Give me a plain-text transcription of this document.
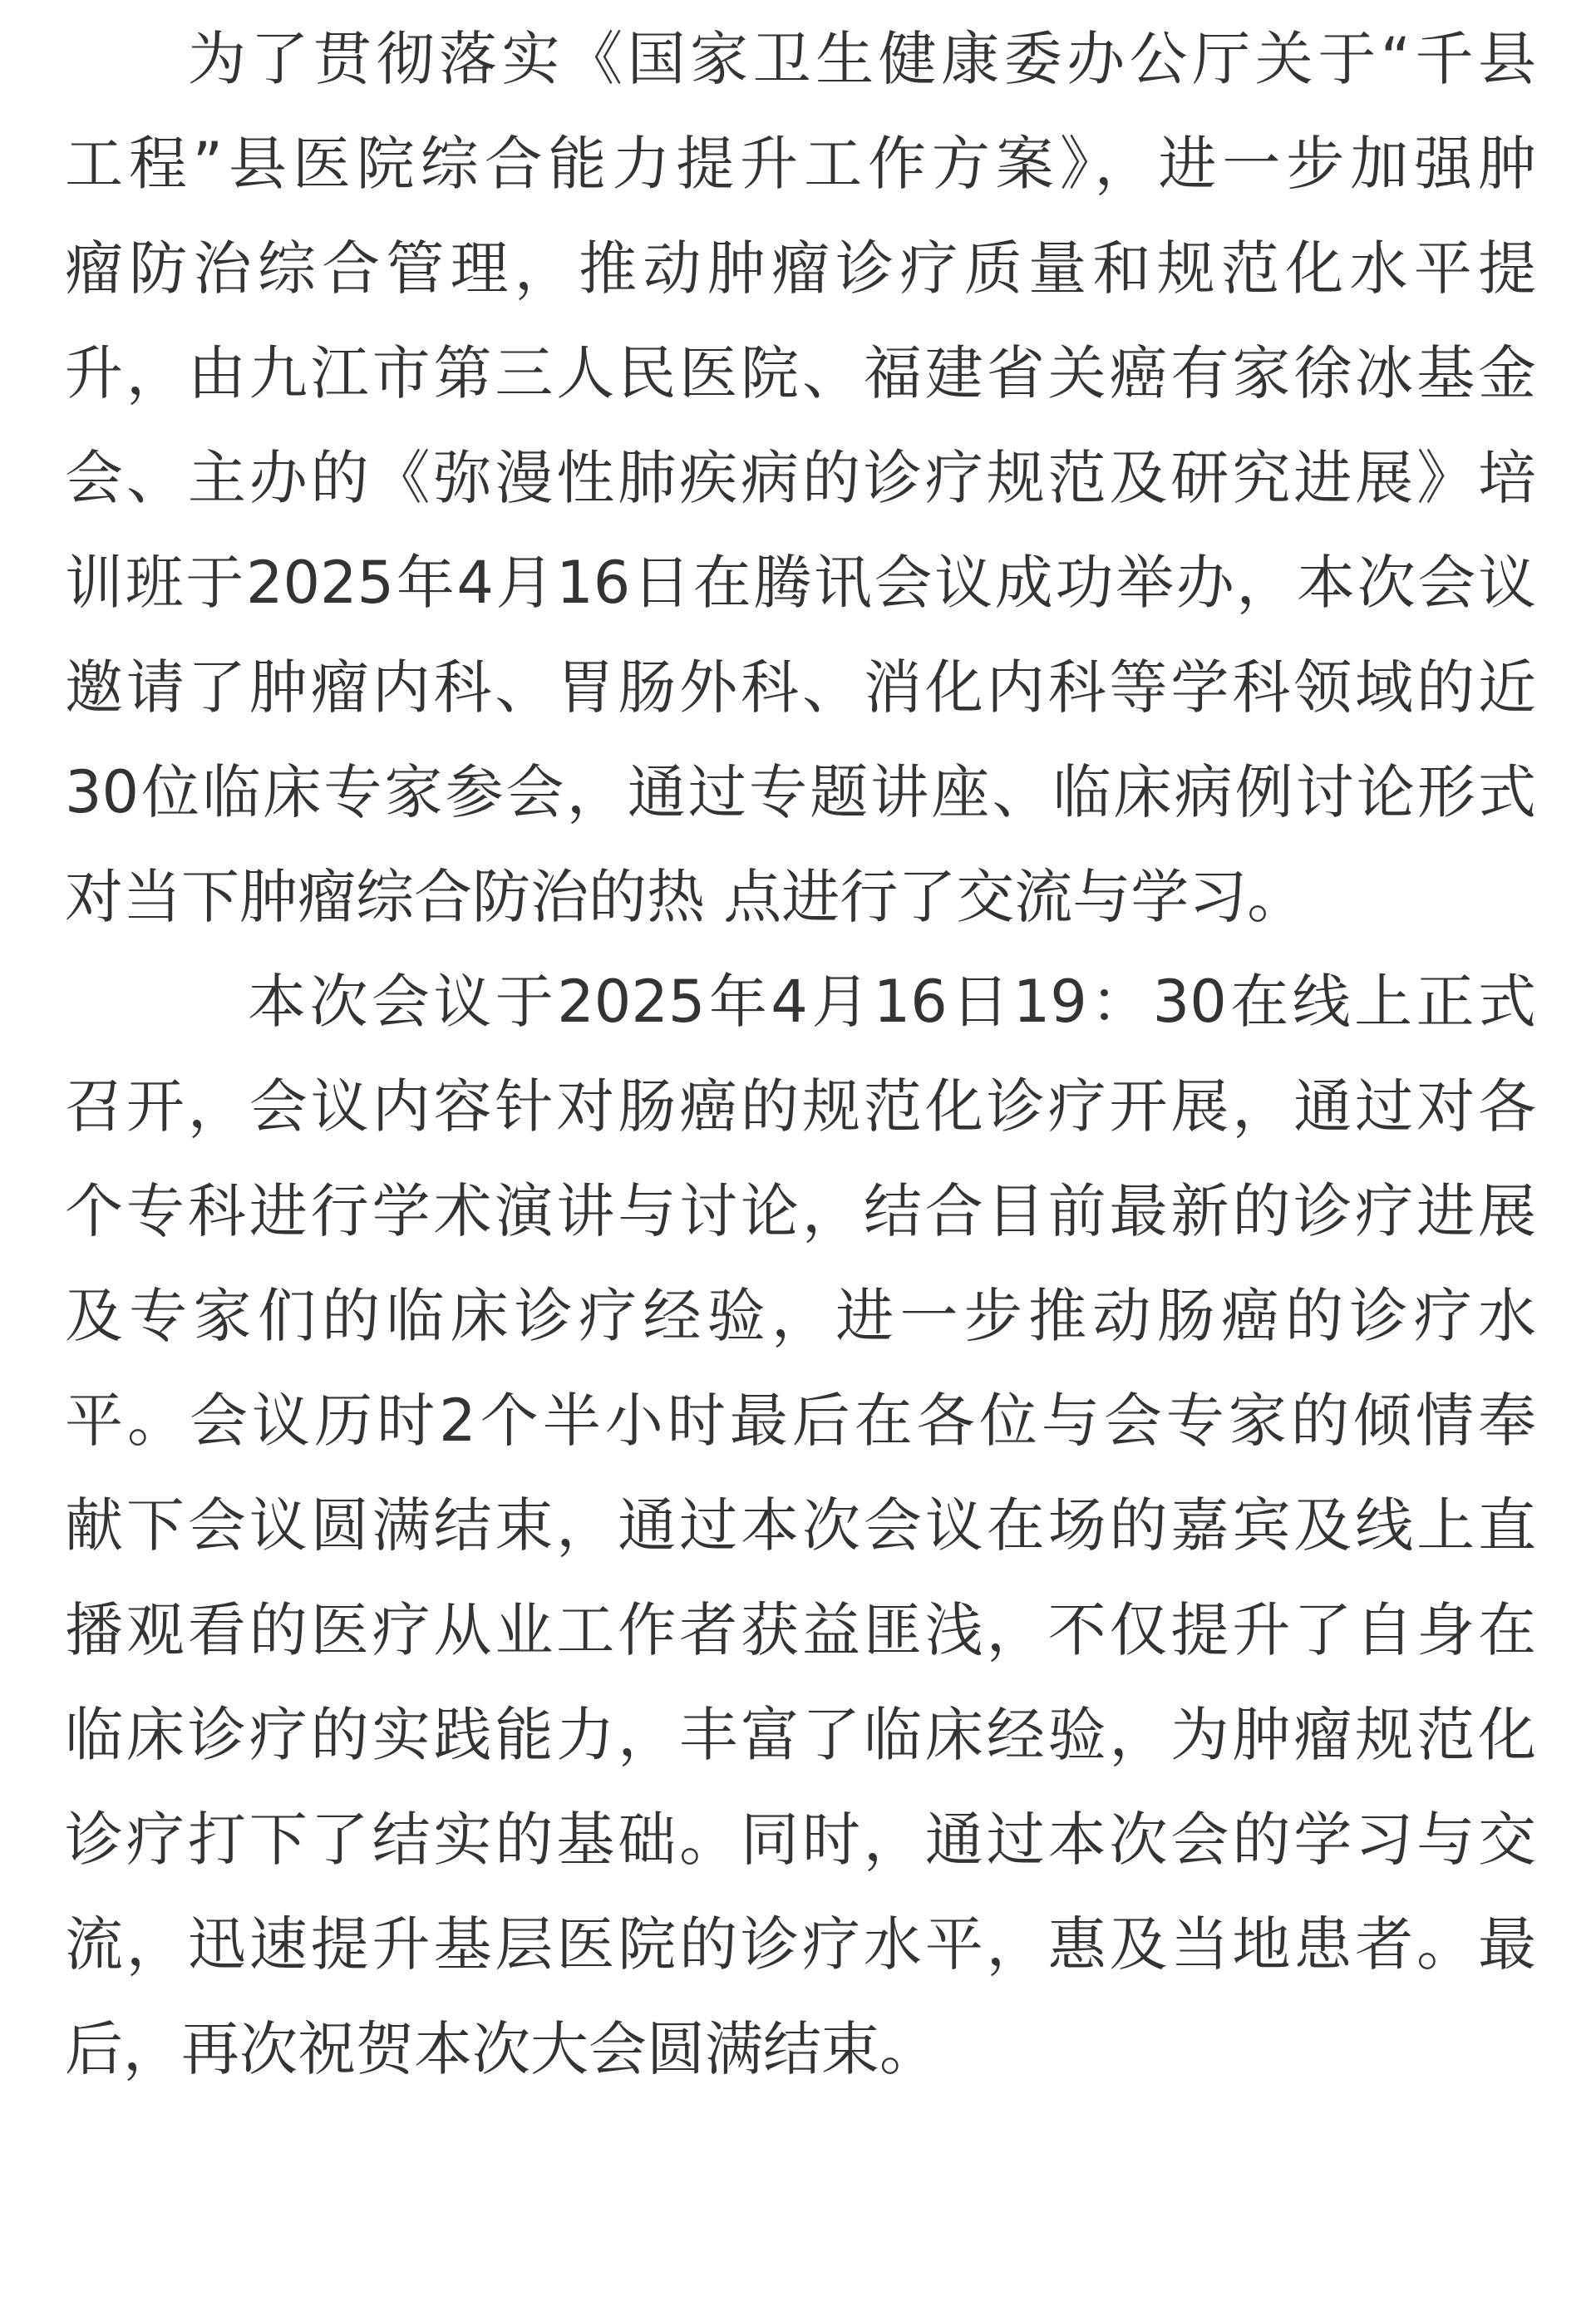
为了贯彻落实《国家卫生健康委办公厅关于“千县
工程”县医院综合能力提升工作方案》，进一步加强肿
瘤防治综合管理，推动肿瘤诊疗质量和规范化水平提
升，由九江市第三人民医院、福建省关癌有家徐冰基金
会、主办的《弥漫性肺疾病的诊疗规范及研究进展》培
训班于2025年4月16日在腾讯会议成功举办，本次会议
邀请了肿瘤内科、胃肠外科、消化内科等学科领域的近
30位临床专家参会，通过专题讲座、临床病例讨论形式
对当下肿瘤综合防治的热 点进行了交流与学习。
本次会议于2025年4月16日19：30在线上正式
召开，会议内容针对肠癌的规范化诊疗开展，通过对各
个专科进行学术演讲与讨论，结合目前最新的诊疗进展
及专家们的临床诊疗经验，进一步推动肠癌的诊疗水
平。会议历时2个半小时最后在各位与会专家的倾情奉
献下会议圆满结束，通过本次会议在场的嘉宾及线上直
播观看的医疗从业工作者获益匪浅，不仅提升了自身在
临床诊疗的实践能力，丰富了临床经验，为肿瘤规范化
诊疗打下了结实的基础。同时，通过本次会的学习与交
流，迅速提升基层医院的诊疗水平，惠及当地患者。最
后，再次祝贺本次大会圆满结束。
